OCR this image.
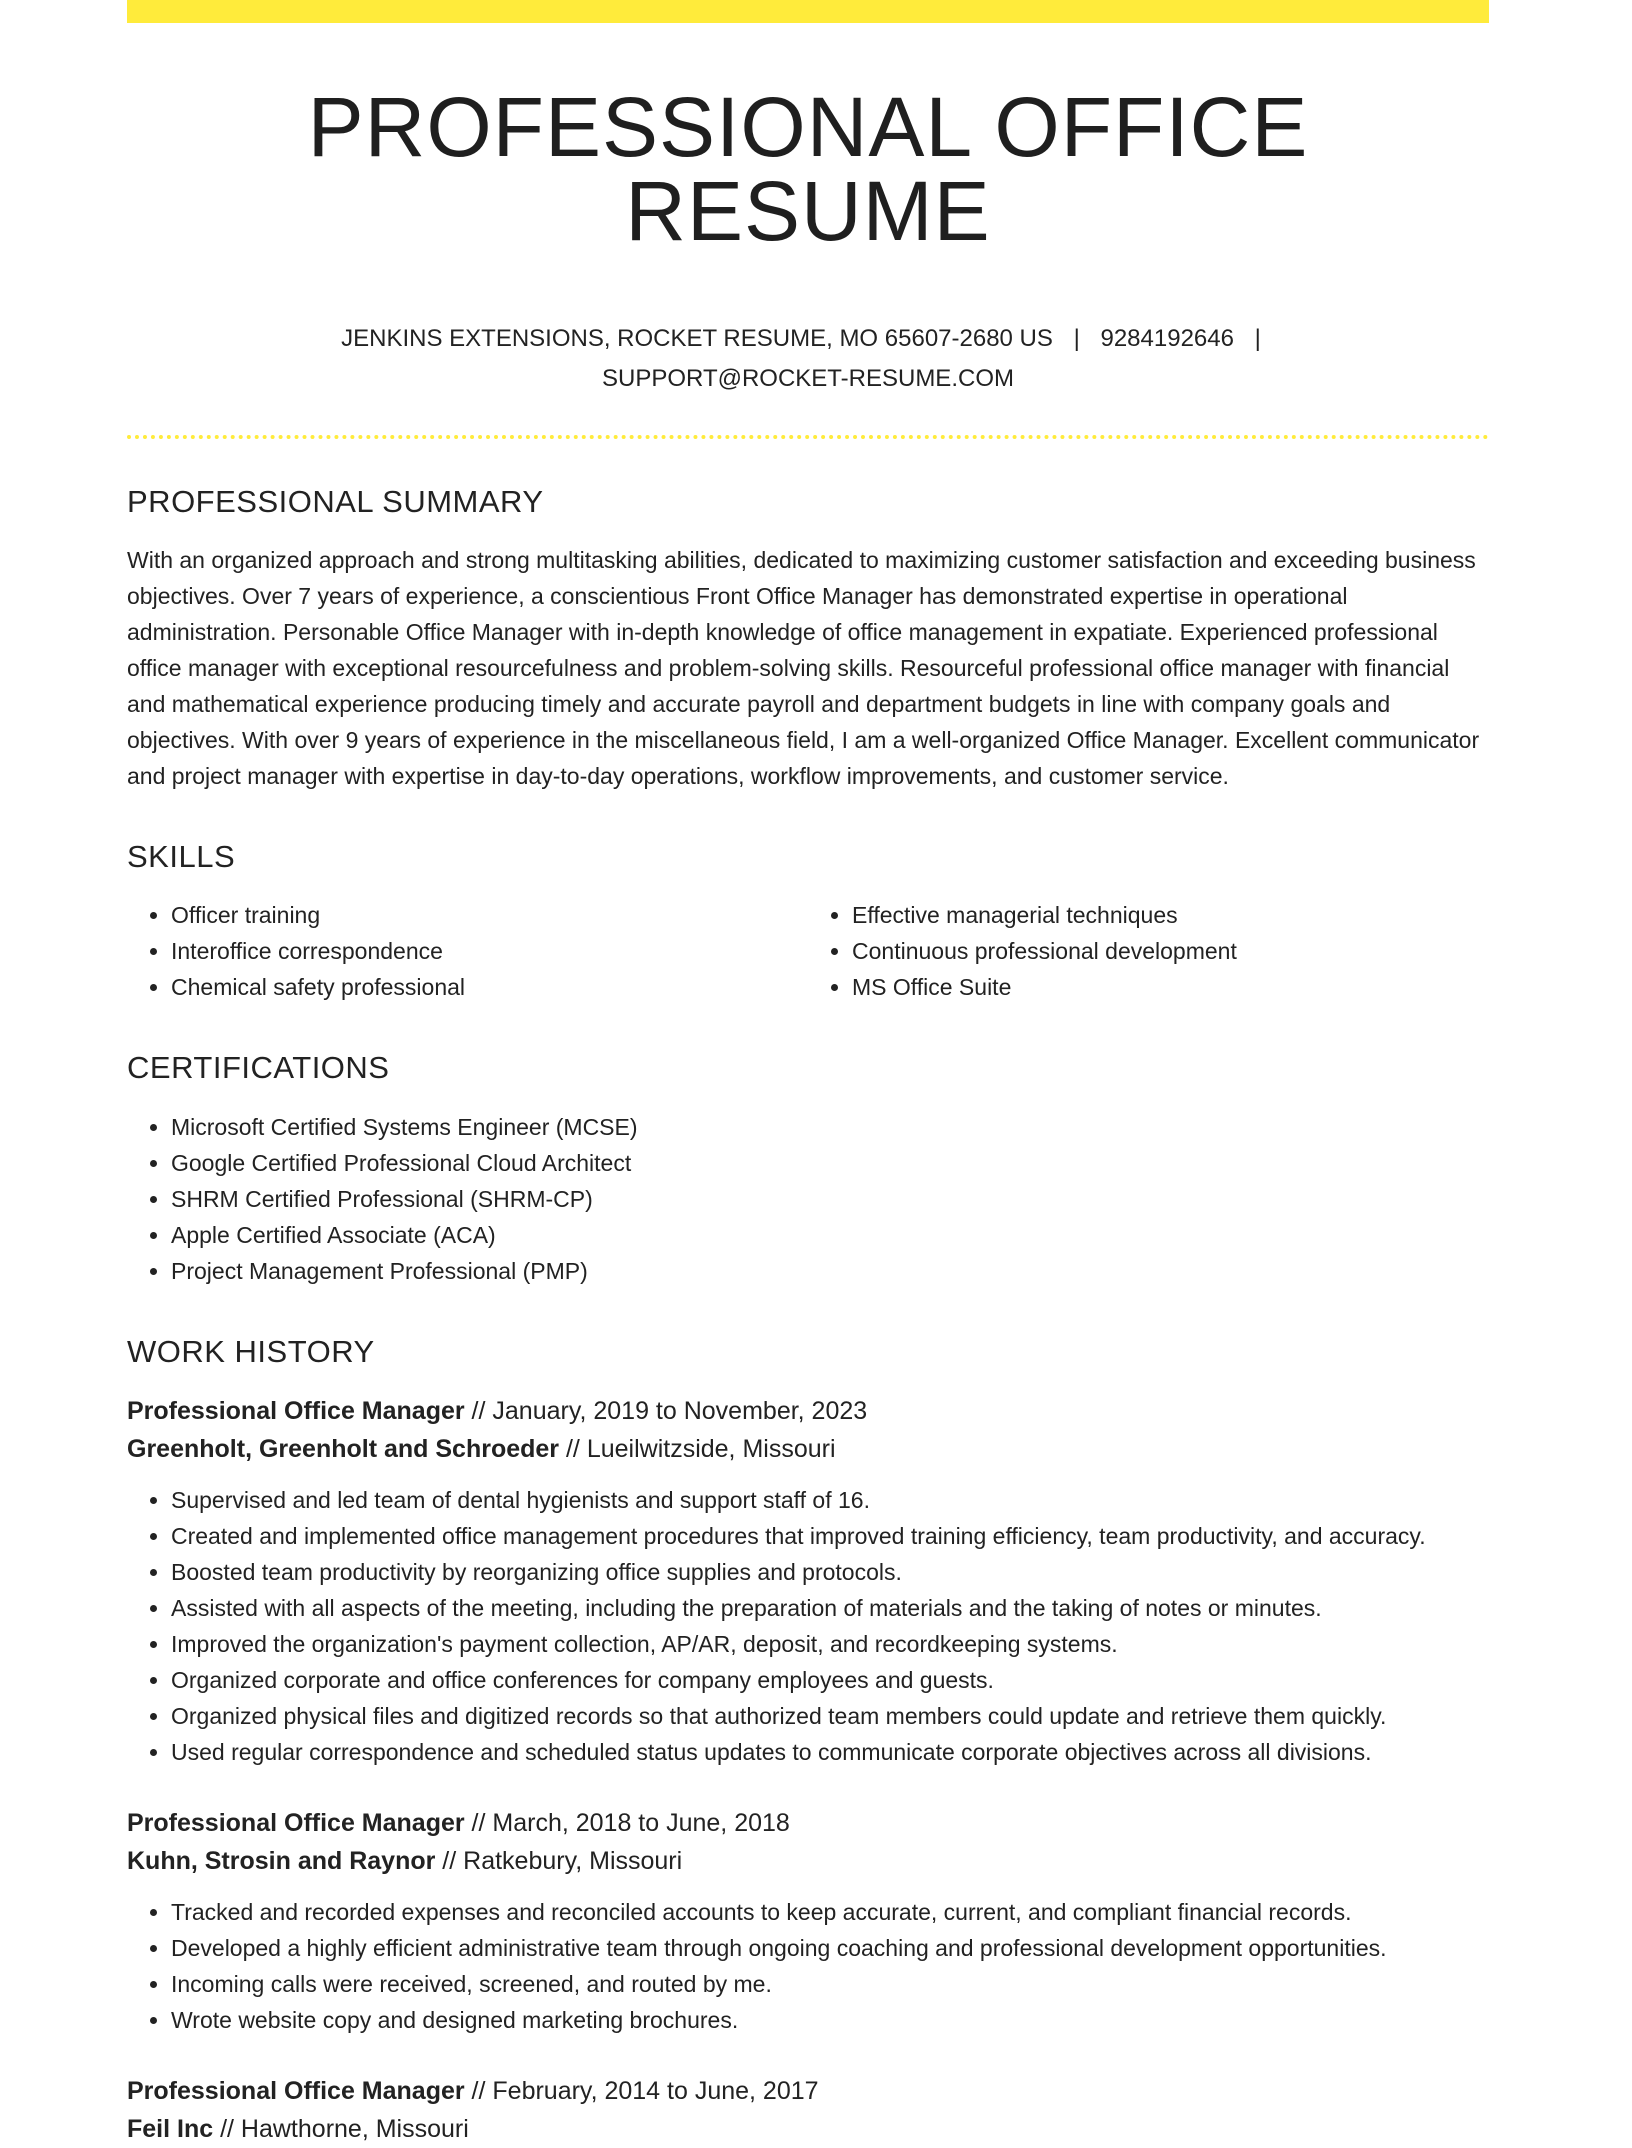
PROFESSIONAL OFFICE RESUME
JENKINS EXTENSIONS, ROCKET RESUME, MO 65607-2680 US | 9284192646 |
SUPPORT@ROCKET-RESUME.COM
PROFESSIONAL SUMMARY

With an organized approach and strong multitasking abilities, dedicated to maximizing customer satisfaction and exceeding business objectives. Over 7 years of experience, a conscientious Front Office Manager has demonstrated expertise in operational administration. Personable Office Manager with in-depth knowledge of office management in expatiate. Experienced professional office manager with exceptional resourcefulness and problem-solving skills. Resourceful professional office manager with financial and mathematical experience producing timely and accurate payroll and department budgets in line with company goals and objectives. With over 9 years of experience in the miscellaneous field, I am a well-organized Office Manager. Excellent communicator and project manager with expertise in day-to-day operations, workflow improvements, and customer service.

SKILLS
• Officer training
• Interoffice correspondence
• Chemical safety professional
• Effective managerial techniques
• Continuous professional development
• MS Office Suite
CERTIFICATIONS
• Microsoft Certified Systems Engineer (MCSE)
• Google Certified Professional Cloud Architect
• SHRM Certified Professional (SHRM-CP)
• Apple Certified Associate (ACA)
• Project Management Professional (PMP)
WORK HISTORY
Professional Office Manager // January, 2019 to November, 2023
Greenholt, Greenholt and Schroeder // Lueilwitzside, Missouri
• Supervised and led team of dental hygienists and support staff of 16.
• Created and implemented office management procedures that improved training efficiency, team productivity, and accuracy.
• Boosted team productivity by reorganizing office supplies and protocols.
• Assisted with all aspects of the meeting, including the preparation of materials and the taking of notes or minutes.
• Improved the organization's payment collection, AP/AR, deposit, and recordkeeping systems.
• Organized corporate and office conferences for company employees and guests.
• Organized physical files and digitized records so that authorized team members could update and retrieve them quickly.
• Used regular correspondence and scheduled status updates to communicate corporate objectives across all divisions.
Professional Office Manager // March, 2018 to June, 2018
Kuhn, Strosin and Raynor // Ratkebury, Missouri
• Tracked and recorded expenses and reconciled accounts to keep accurate, current, and compliant financial records.
• Developed a highly efficient administrative team through ongoing coaching and professional development opportunities.
• Incoming calls were received, screened, and routed by me.
• Wrote website copy and designed marketing brochures.
Professional Office Manager // February, 2014 to June, 2017
Feil Inc // Hawthorne, Missouri
